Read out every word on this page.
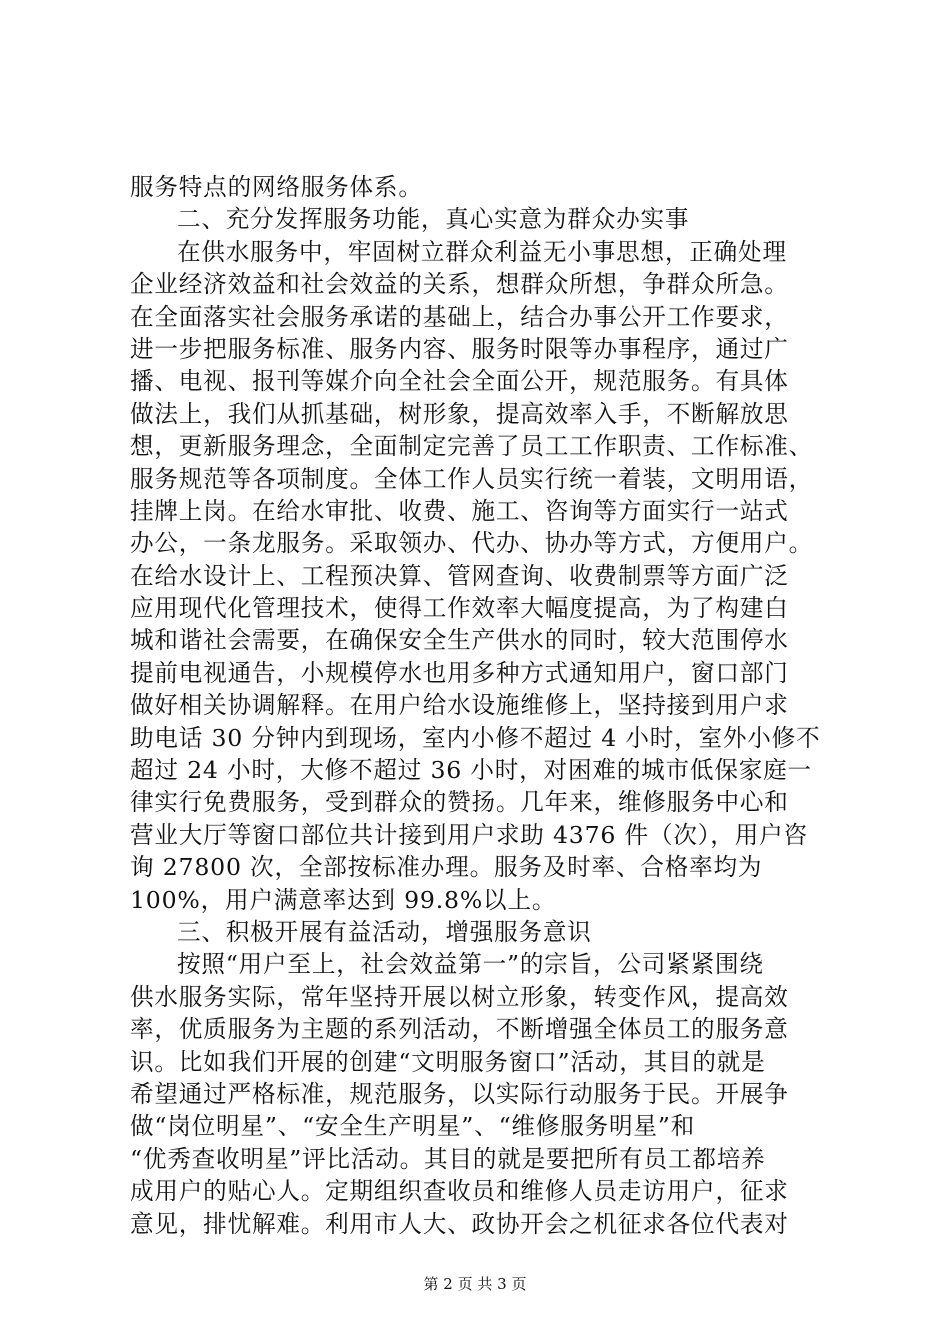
服务特点的网络服务体系。
二、充分发挥服务功能，真心实意为群众办实事
在供水服务中，牢固树立群众利益无小事思想，正确处理
企业经济效益和社会效益的关系，想群众所想，争群众所急。
在全面落实社会服务承诺的基础上，结合办事公开工作要求，
进一步把服务标准、服务内容、服务时限等办事程序，通过广
播、电视、报刊等媒介向全社会全面公开，规范服务。有具体
做法上，我们从抓基础，树形象，提高效率入手，不断解放思
想，更新服务理念，全面制定完善了员工工作职责、工作标准、
服务规范等各项制度。全体工作人员实行统一着装，文明用语，
挂牌上岗。在给水审批、收费、施工、咨询等方面实行一站式
办公，一条龙服务。采取领办、代办、协办等方式，方便用户。
在给水设计上、工程预决算、管网查询、收费制票等方面广泛
应用现代化管理技术，使得工作效率大幅度提高，为了构建白
城和谐社会需要，在确保安全生产供水的同时，较大范围停水
提前电视通告，小规模停水也用多种方式通知用户，窗口部门
做好相关协调解释。在用户给水设施维修上，坚持接到用户求
助电话 30 分钟内到现场，室内小修不超过 4 小时，室外小修不
超过 24 小时，大修不超过 36 小时，对困难的城市低保家庭一
律实行免费服务，受到群众的赞扬。几年来，维修服务中心和
营业大厅等窗口部位共计接到用户求助 4376 件（次），用户咨
询 27800 次，全部按标准办理。服务及时率、合格率均为
100%，用户满意率达到 99.8%以上。
三、积极开展有益活动，增强服务意识
按照“用户至上，社会效益第一”的宗旨，公司紧紧围绕
供水服务实际，常年坚持开展以树立形象，转变作风，提高效
率，优质服务为主题的系列活动，不断增强全体员工的服务意
识。比如我们开展的创建“文明服务窗口”活动，其目的就是
希望通过严格标准，规范服务，以实际行动服务于民。开展争
做“岗位明星”、“安全生产明星”、“维修服务明星”和
“优秀查收明星”评比活动。其目的就是要把所有员工都培养
成用户的贴心人。定期组织查收员和维修人员走访用户，征求
意见，排忧解难。利用市人大、政协开会之机征求各位代表对
第 2 页 共 3 页
